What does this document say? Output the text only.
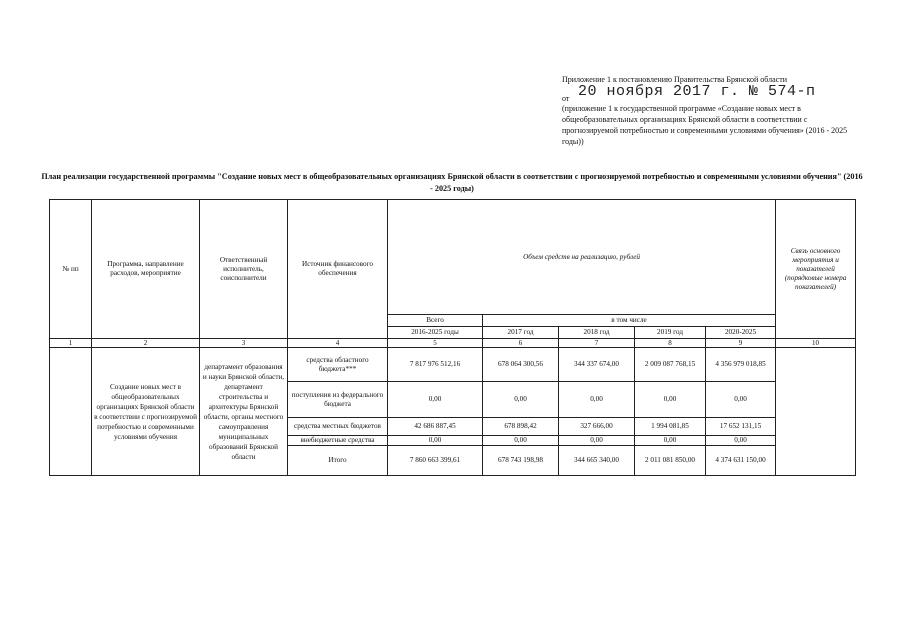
Приложение 1 к постановлению Правительства Брянской области
от 20 ноября 2017 г. № 574-п
(приложение 1 к государственной программе «Создание новых мест в общеобразовательных организациях Брянской области в соответствии с прогнозируемой потребностью и современными условиями обучения» (2016 - 2025 годы))
План реализации государственной программы "Создание новых мест в общеобразовательных организациях Брянской области в соответствии с прогнозируемой потребностью и современными условиями обучения" (2016 - 2025 годы)
№ пп	Программа, направление расходов, мероприятие	Ответственный исполнитель, соисполнители	Источник финансового обеспечения	Объем средств на реализацию, рублей					Связь основного мероприятия и показателей (порядковые номера показателей)
				Всего	в том числе				
				2016-2025 годы	2017 год	2018 год	2019 год	2020-2025	
1	2	3	4	5	6	7	8	9	10
	Создание новых мест в общеобразовательных организациях Брянской области в соответствии с прогнозируемой потребностью и современными условиями обучения	департамент образования и науки Брянской области, департамент строительства и архитектуры Брянской области, органы местного самоуправления муниципальных образований Брянской области	средства областного бюджета***	7 817 976 512,16	678 064 300,56	344 337 674,00	2 009 087 768,15	4 356 979 018,85	
			поступления из федерального бюджета	0,00	0,00	0,00	0,00	0,00	
			средства местных бюджетов	42 686 887,45	678 898,42	327 666,00	1 994 081,85	17 652 131,15	
			внебюджетные средства	0,00	0,00	0,00	0,00	0,00	
			Итого	7 860 663 399,61	678 743 198,98	344 665 340,00	2 011 081 850,00	4 374 631 150,00	
